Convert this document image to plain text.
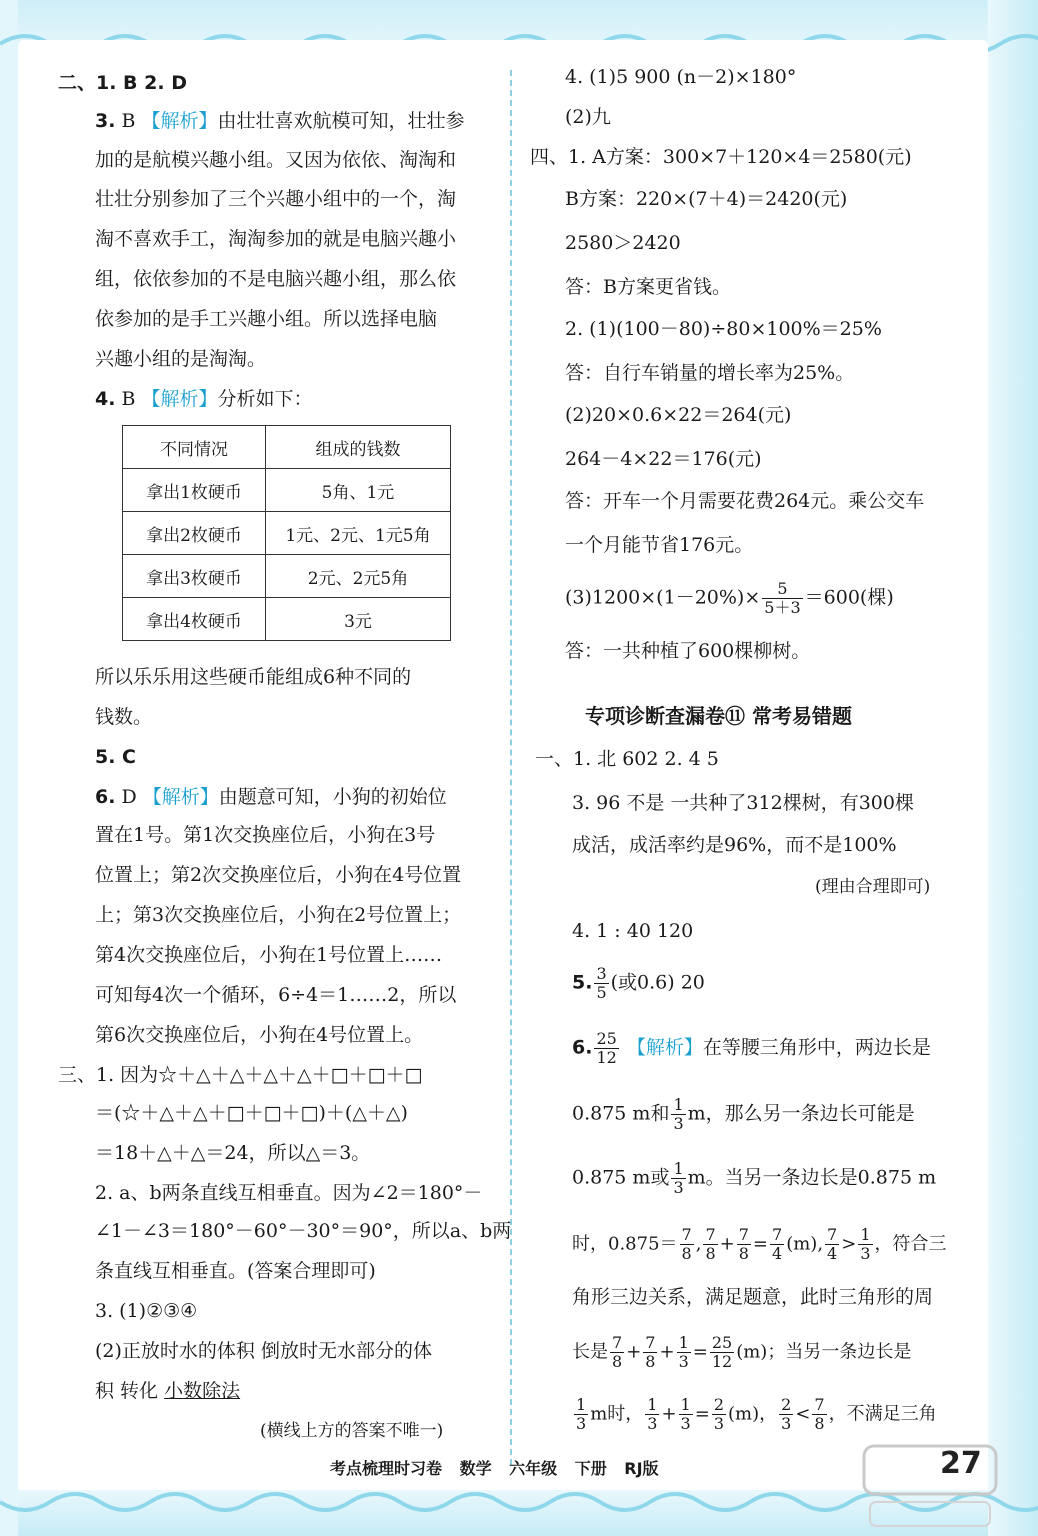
二、1. B 2. D
3. B 【解析】由壮壮喜欢航模可知，壮壮参
加的是航模兴趣小组。又因为依依、淘淘和
壮壮分别参加了三个兴趣小组中的一个，淘
淘不喜欢手工，淘淘参加的就是电脑兴趣小
组，依依参加的不是电脑兴趣小组，那么依
依参加的是手工兴趣小组。所以选择电脑
兴趣小组的是淘淘。
4. B 【解析】分析如下：
不同情况	组成的钱数
拿出1枚硬币	5角、1元
拿出2枚硬币	1元、2元、1元5角
拿出3枚硬币	2元、2元5角
拿出4枚硬币	3元
所以乐乐用这些硬币能组成6种不同的
钱数。
5. C
6. D 【解析】由题意可知，小狗的初始位
置在1号。第1次交换座位后，小狗在3号
位置上；第2次交换座位后，小狗在4号位置
上；第3次交换座位后，小狗在2号位置上；
第4次交换座位后，小狗在1号位置上……
可知每4次一个循环，6÷4＝1……2，所以
第6次交换座位后，小狗在4号位置上。
三、1. 因为☆＋△＋△＋△＋△＋□＋□＋□
＝(☆＋△＋△＋□＋□＋□)＋(△＋△)
＝18＋△＋△＝24，所以△＝3。
2. a、b两条直线互相垂直。因为∠2＝180°－
∠1－∠3＝180°－60°－30°＝90°，所以a、b两
条直线互相垂直。(答案合理即可)
3. (1)②③④
(2)正放时水的体积 倒放时无水部分的体
积 转化 小数除法
(横线上方的答案不唯一)
4. (1)5 900 (n－2)×180°
(2)九
四、1. A方案：300×7＋120×4＝2580(元)
B方案：220×(7＋4)＝2420(元)
2580＞2420
答：B方案更省钱。
2. (1)(100－80)÷80×100%＝25%
答：自行车销量的增长率为25%。
(2)20×0.6×22＝264(元)
264－4×22＝176(元)
答：开车一个月需要花费264元。乘公交车
一个月能节省176元。
$(3)1200\times(1-20\%)\times \frac{5}{5+3} =600$(棵)
答：一共种植了600棵柳树。
专项诊断查漏卷⑪ 常考易错题
一、1. 北 602 2. 4 5
3. 96 不是 一共种了312棵树，有300棵
成活，成活率约是96%，而不是100%
(理由合理即可)
4. 1 : 40 120
5. $\frac{3}{5}$ (或0.6) 20
6. $\frac{25}{12}$ 【解析】在等腰三角形中，两边长是
0.875 m和 $\frac{1}{3}$ m，那么另一条边长可能是
0.875 m或 $\frac{1}{3}$ m。当另一条边长是0.875 m
时，$0.875= \frac{7}{8}$ , $\frac{7}{8} + \frac{7}{8} = \frac{7}{4} (m)$, $\frac{7}{4} > \frac{1}{3}$ ，符合三
角形三边关系，满足题意，此时三角形的周
长是 $\frac{7}{8} + \frac{7}{8} + \frac{1}{3} = \frac{25}{12} (m)$；当另一条边长是
$\frac{1}{3}$ m时， $\frac{1}{3} + \frac{1}{3} = \frac{2}{3} (m)$， $\frac{2}{3} < \frac{7}{8}$ ，不满足三角
考点梳理时习卷 数学 六年级 下册 RJ版	27
